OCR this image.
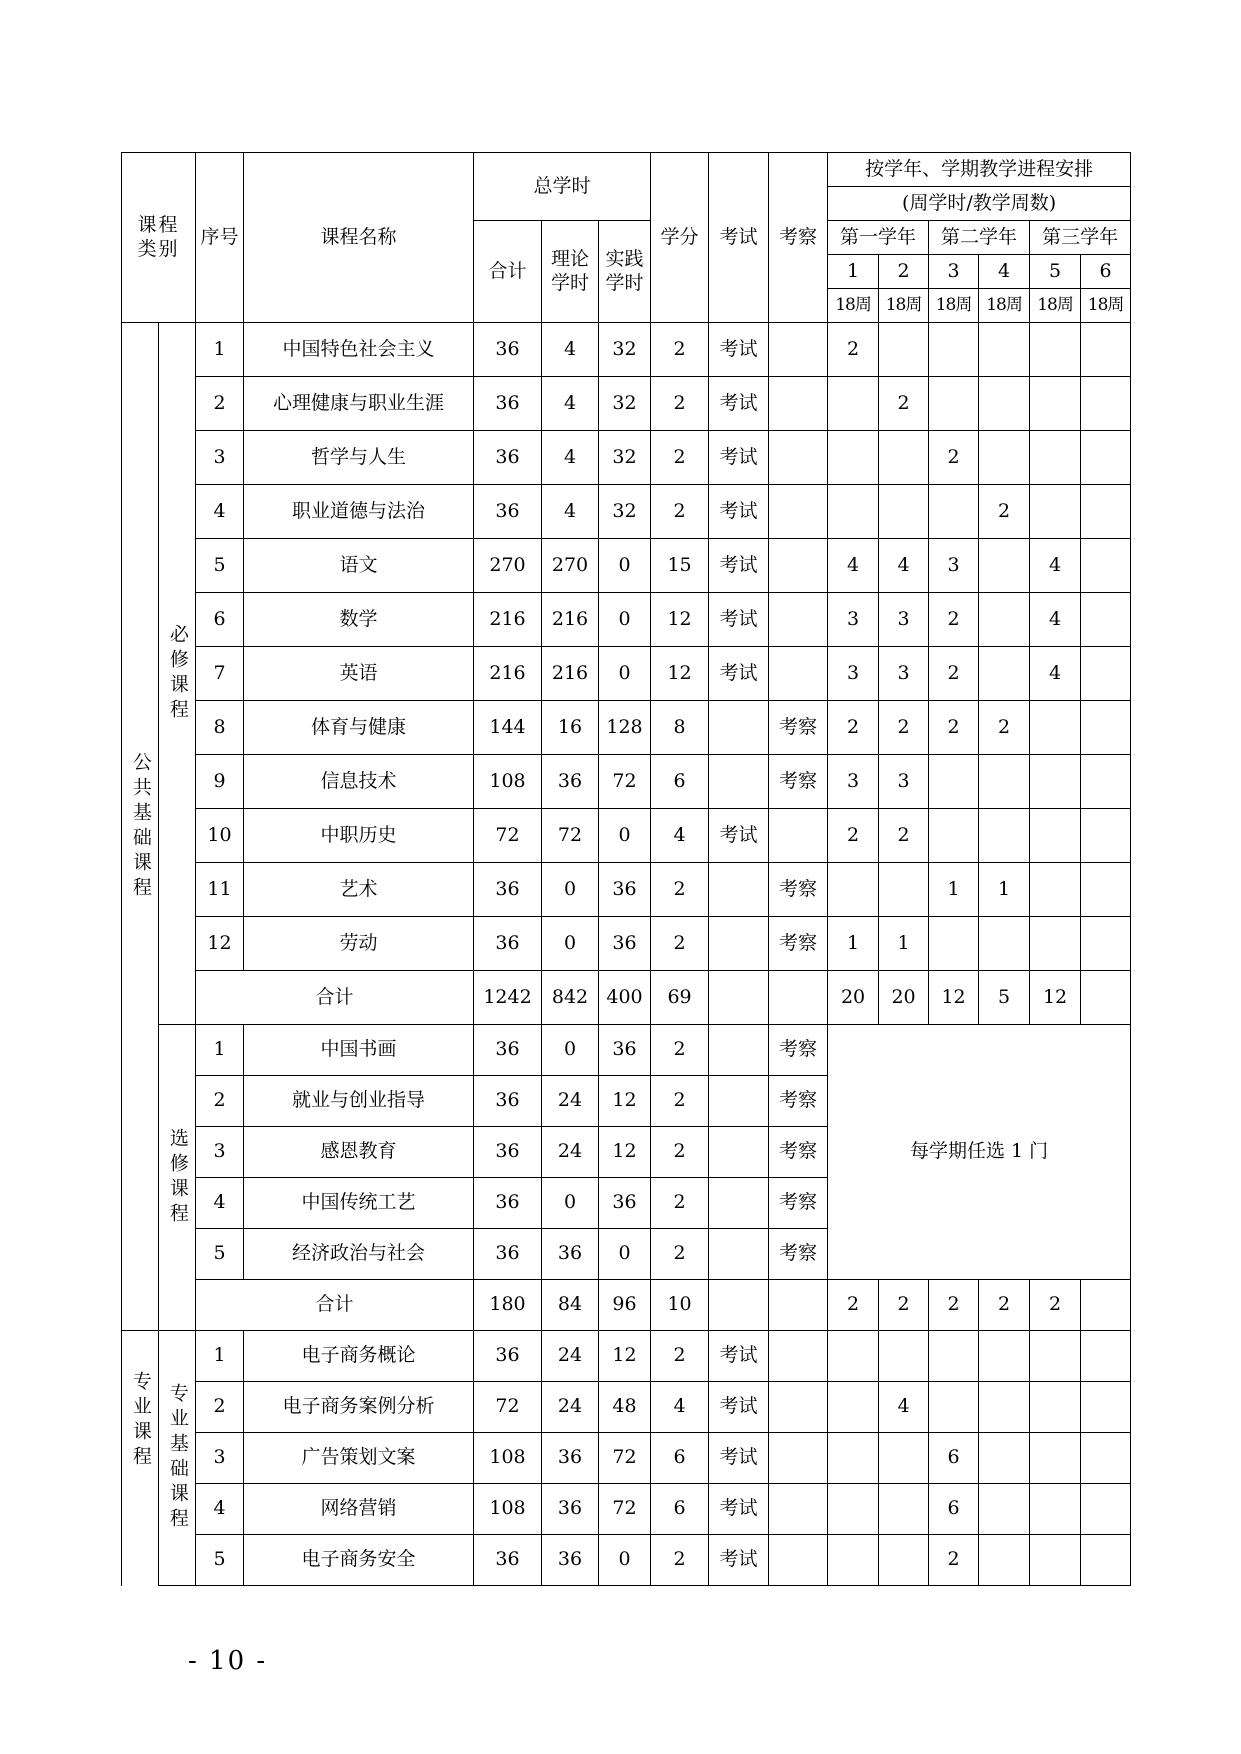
课程类别		序号	课程名称	总学时			学分	考试	考察	按学年、学期教学进程安排					
										(周学时/教学周数)					
				合计	理论学时	实践学时				第一学年		第二学年		第三学年	
										1	2	3	4	5	6
										18周	18周	18周	18周	18周	18周

公共基础课程	必修课程	1	中国特色社会主义	36	4	32	2	考试		2					
		2	心理健康与职业生涯	36	4	32	2	考试			2				
		3	哲学与人生	36	4	32	2	考试				2			
		4	职业道德与法治	36	4	32	2	考试					2		
		5	语文	270	270	0	15	考试		4	4	3		4	
		6	数学	216	216	0	12	考试		3	3	2		4	
		7	英语	216	216	0	12	考试		3	3	2		4	
		8	体育与健康	144	16	128	8		考察	2	2	2	2		
		9	信息技术	108	36	72	6		考察	3	3				
		10	中职历史	72	72	0	4	考试		2	2				
		11	艺术	36	0	36	2		考察			1	1		
		12	劳动	36	0	36	2		考察	1	1				
		合计		1242	842	400	69			20	20	12	5	12	

	选修课程	1	中国书画	36	0	36	2		考察	每学期任选 1 门					
		2	就业与创业指导	36	24	12	2		考察						
		3	感恩教育	36	24	12	2		考察						
		4	中国传统工艺	36	0	36	2		考察						
		5	经济政治与社会	36	36	0	2		考察						
		合计		180	84	96	10			2	2	2	2	2	

专业课程	专业基础课程	1	电子商务概论	36	24	12	2	考试							
		2	电子商务案例分析	72	24	48	4	考试			4				
		3	广告策划文案	108	36	72	6	考试				6			
		4	网络营销	108	36	72	6	考试				6			
		5	电子商务安全	36	36	0	2	考试				2			
- 10 -
